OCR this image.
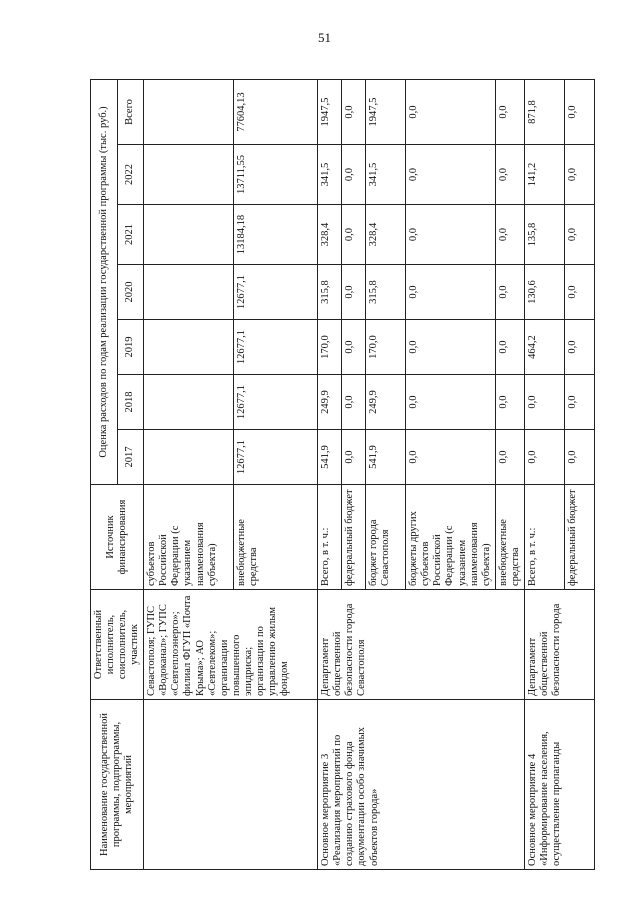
51
Наименование государственной программы, подпрограммы, мероприятий	Ответственный исполнитель, соисполнитель, участник	Источник финансирования	Оценка расходов по годам реализации государственной программы (тыс. руб.)						
			2017	2018	2019	2020	2021	2022	Всего
	Севастополя; ГУПС «Водоканал»; ГУПС «Севтеплоэнерго»; филиал ФГУП «Почта Крыма»; АО «Севтелеком»; организации повышенного эпидриска; организации по управлению жилым фондом	субъектов Российской Федерации (с указанием наименования субъекта)							
		внебюджетные средства	12677,1	12677,1	12677,1	12677,1	13184,18	13711,55	77604,13
Основное мероприятие 3 «Реализация мероприятий по созданию страхового фонда документации особо значимых объектов города»	Департамент общественной безопасности города Севастополя	Всего, в т. ч.:	541,9	249,9	170,0	315,8	328,4	341,5	1947,5
		федеральный бюджет	0,0	0,0	0,0	0,0	0,0	0,0	0,0
		бюджет города Севастополя	541,9	249,9	170,0	315,8	328,4	341,5	1947,5
		бюджеты других субъектов Российской Федерации (с указанием наименования субъекта)	0,0	0,0	0,0	0,0	0,0	0,0	0,0
		внебюджетные средства	0,0	0,0	0,0	0,0	0,0	0,0	0,0
Основное мероприятие 4 «Информирование населения, осуществление пропаганды	Департамент общественной безопасности города	Всего, в т. ч.:	0,0	0,0	464,2	130,6	135,8	141,2	871,8
		федеральный бюджет	0,0	0,0	0,0	0,0	0,0	0,0	0,0
